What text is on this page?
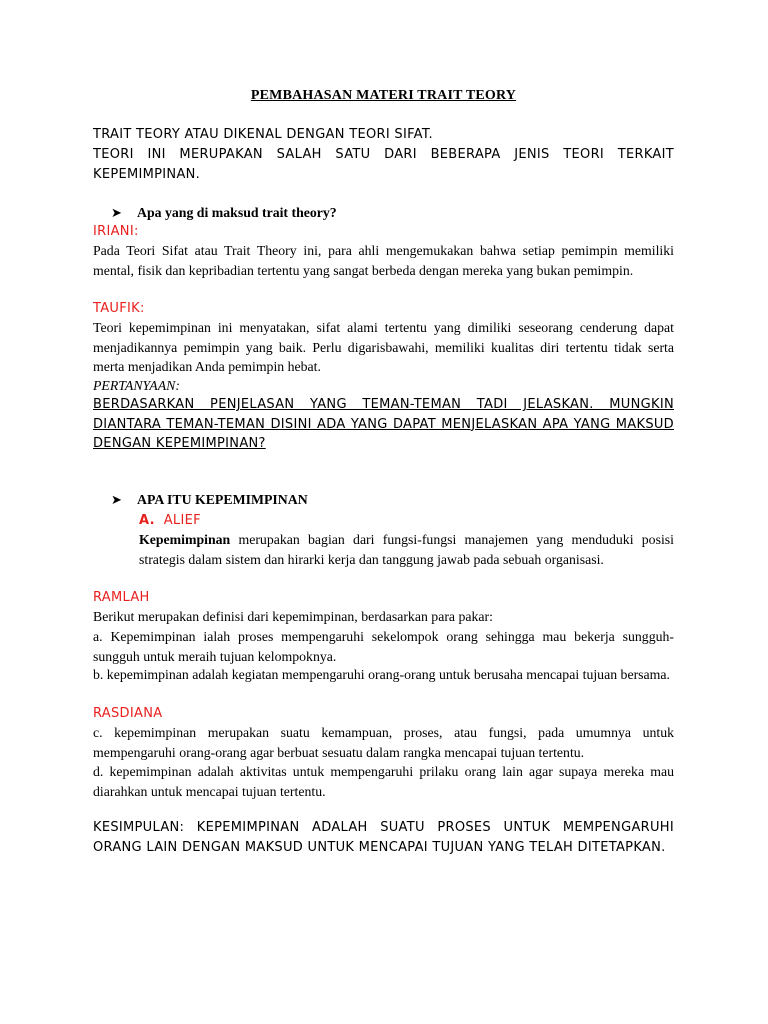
PEMBAHASAN MATERI TRAIT TEORY
TRAIT TEORY ATAU DIKENAL DENGAN TEORI SIFAT.
TEORI INI MERUPAKAN SALAH SATU DARI BEBERAPA JENIS TEORI TERKAIT
KEPEMIMPINAN.
➤ Apa yang di maksud trait theory?
IRIANI:
Pada Teori Sifat atau Trait Theory ini, para ahli mengemukakan bahwa setiap pemimpin memiliki mental, fisik dan kepribadian tertentu yang sangat berbeda dengan mereka yang bukan pemimpin.
TAUFIK:
Teori kepemimpinan ini menyatakan, sifat alami tertentu yang dimiliki seseorang cenderung dapat menjadikannya pemimpin yang baik. Perlu digarisbawahi, memiliki kualitas diri tertentu tidak serta merta menjadikan Anda pemimpin hebat.
PERTANYAAN:
BERDASARKAN PENJELASAN YANG TEMAN-TEMAN TADI JELASKAN. MUNGKIN DIANTARA TEMAN-TEMAN DISINI ADA YANG DAPAT MENJELASKAN APA YANG MAKSUD DENGAN KEPEMIMPINAN?
➤ APA ITU KEPEMIMPINAN
A. ALIEF
Kepemimpinan merupakan bagian dari fungsi-fungsi manajemen yang menduduki posisi strategis dalam sistem dan hirarki kerja dan tanggung jawab pada sebuah organisasi.
RAMLAH
Berikut merupakan definisi dari kepemimpinan, berdasarkan para pakar:
a. Kepemimpinan ialah proses mempengaruhi sekelompok orang sehingga mau bekerja sungguh- sungguh untuk meraih tujuan kelompoknya.
b. kepemimpinan adalah kegiatan mempengaruhi orang-orang untuk berusaha mencapai tujuan bersama.
RASDIANA
c. kepemimpinan merupakan suatu kemampuan, proses, atau fungsi, pada umumnya untuk mempengaruhi orang-orang agar berbuat sesuatu dalam rangka mencapai tujuan tertentu.
d. kepemimpinan adalah aktivitas untuk mempengaruhi prilaku orang lain agar supaya mereka mau diarahkan untuk mencapai tujuan tertentu.
KESIMPULAN: KEPEMIMPINAN ADALAH SUATU PROSES UNTUK MEMPENGARUHI ORANG LAIN DENGAN MAKSUD UNTUK MENCAPAI TUJUAN YANG TELAH DITETAPKAN.
